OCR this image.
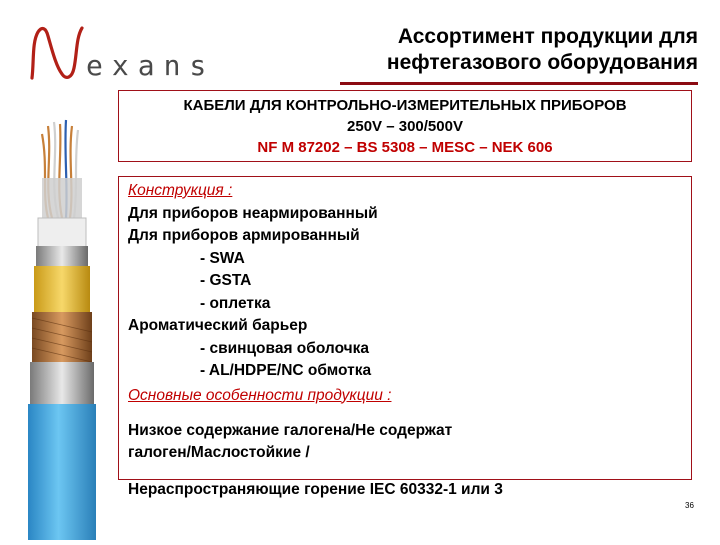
exans
Ассортимент продукции для
нефтегазового оборудования
КАБЕЛИ ДЛЯ КОНТРОЛЬНО-ИЗМЕРИТЕЛЬНЫХ ПРИБОРОВ
250V – 300/500V
NF M 87202 – BS 5308 – MESC – NEK 606
Конструкция :
Для приборов неармированный
Для приборов армированный
- SWA
- GSTA
- оплетка
Ароматический барьер
- свинцовая оболочка
- AL/HDPE/NC обмотка
Основные особенности продукции :
Низкое содержание галогена/Не содержат
галоген/Маслостойкие /
Нераспространяющие горение IEC 60332-1 или 3
36
